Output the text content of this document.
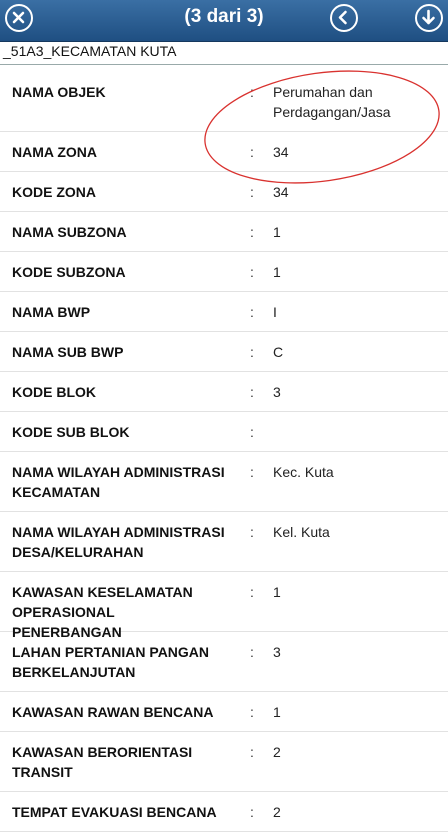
(3 dari 3)
_51A3_KECAMATAN KUTA
NAMA OBJEK	: Perumahan dan Perdagangan/Jasa
NAMA ZONA	: 34
KODE ZONA	: 34
NAMA SUBZONA	: 1
KODE SUBZONA	: 1
NAMA BWP	: I
NAMA SUB BWP	: C
KODE BLOK	: 3
KODE SUB BLOK	:
NAMA WILAYAH ADMINISTRASI KECAMATAN
: Kec. Kuta
NAMA WILAYAH ADMINISTRASI DESA/KELURAHAN
: Kel. Kuta
KAWASAN KESELAMATAN OPERASIONAL PENERBANGAN
: 1
LAHAN PERTANIAN PANGAN BERKELANJUTAN
: 3
KAWASAN RAWAN BENCANA	: 1
KAWASAN BERORIENTASI TRANSIT
: 2
TEMPAT EVAKUASI BENCANA	: 2
